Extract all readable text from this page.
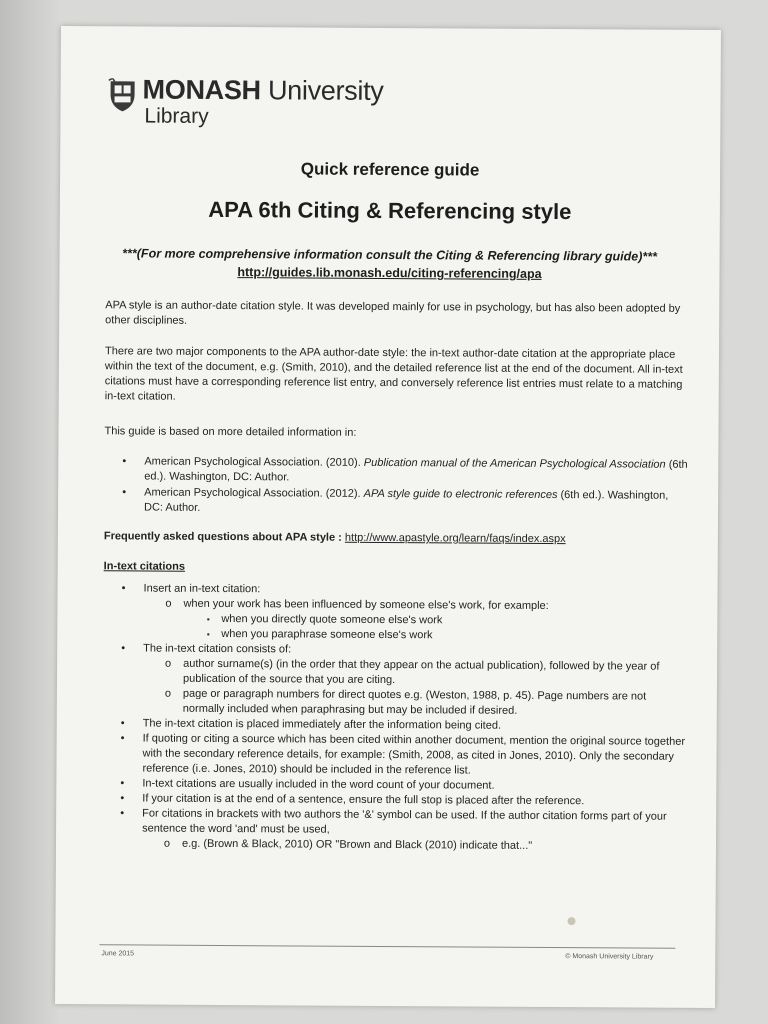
MONASH University
Library
Quick reference guide
APA 6th Citing & Referencing style
***(For more comprehensive information consult the Citing & Referencing library guide)***
http://guides.lib.monash.edu/citing-referencing/apa
APA style is an author-date citation style. It was developed mainly for use in psychology, but has also been adopted by other disciplines.
There are two major components to the APA author-date style: the in-text author-date citation at the appropriate place within the text of the document, e.g. (Smith, 2010), and the detailed reference list at the end of the document. All in-text citations must have a corresponding reference list entry, and conversely reference list entries must relate to a matching in-text citation.
This guide is based on more detailed information in:
•	American Psychological Association. (2010). Publication manual of the American Psychological Association (6th ed.). Washington, DC: Author.
•	American Psychological Association. (2012). APA style guide to electronic references (6th ed.). Washington, DC: Author.
Frequently asked questions about APA style : http://www.apastyle.org/learn/faqs/index.aspx
In-text citations
•	Insert an in-text citation:
o	when your work has been influenced by someone else's work, for example:
▪	when you directly quote someone else's work
▪	when you paraphrase someone else's work
•	The in-text citation consists of:
o	author surname(s) (in the order that they appear on the actual publication), followed by the year of publication of the source that you are citing.
o	page or paragraph numbers for direct quotes e.g. (Weston, 1988, p. 45). Page numbers are not normally included when paraphrasing but may be included if desired.
•	The in-text citation is placed immediately after the information being cited.
•	If quoting or citing a source which has been cited within another document, mention the original source together with the secondary reference details, for example: (Smith, 2008, as cited in Jones, 2010). Only the secondary reference (i.e. Jones, 2010) should be included in the reference list.
•	In-text citations are usually included in the word count of your document.
•	If your citation is at the end of a sentence, ensure the full stop is placed after the reference.
•	For citations in brackets with two authors the '&' symbol can be used. If the author citation forms part of your sentence the word 'and' must be used,
o	e.g. (Brown & Black, 2010) OR "Brown and Black (2010) indicate that..."
June 2015	© Monash University Library
